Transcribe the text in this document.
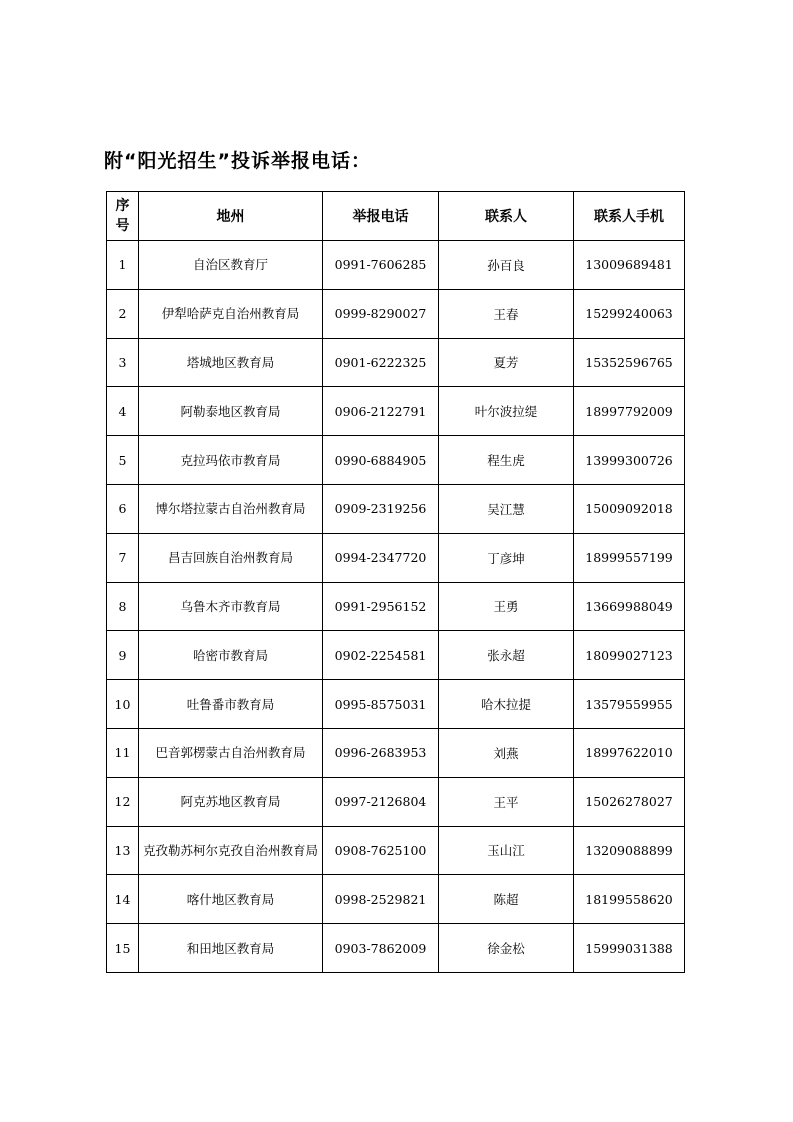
附“阳光招生”投诉举报电话：
序号	地州	举报电话	联系人	联系人手机
1	自治区教育厅	0991-7606285	孙百良	13009689481
2	伊犁哈萨克自治州教育局	0999-8290027	王春	15299240063
3	塔城地区教育局	0901-6222325	夏芳	15352596765
4	阿勒泰地区教育局	0906-2122791	叶尔波拉缇	18997792009
5	克拉玛依市教育局	0990-6884905	程生虎	13999300726
6	博尔塔拉蒙古自治州教育局	0909-2319256	吴江慧	15009092018
7	昌吉回族自治州教育局	0994-2347720	丁彦坤	18999557199
8	乌鲁木齐市教育局	0991-2956152	王勇	13669988049
9	哈密市教育局	0902-2254581	张永超	18099027123
10	吐鲁番市教育局	0995-8575031	哈木拉提	13579559955
11	巴音郭楞蒙古自治州教育局	0996-2683953	刘燕	18997622010
12	阿克苏地区教育局	0997-2126804	王平	15026278027
13	克孜勒苏柯尔克孜自治州教育局	0908-7625100	玉山江	13209088899
14	喀什地区教育局	0998-2529821	陈超	18199558620
15	和田地区教育局	0903-7862009	徐金松	15999031388
